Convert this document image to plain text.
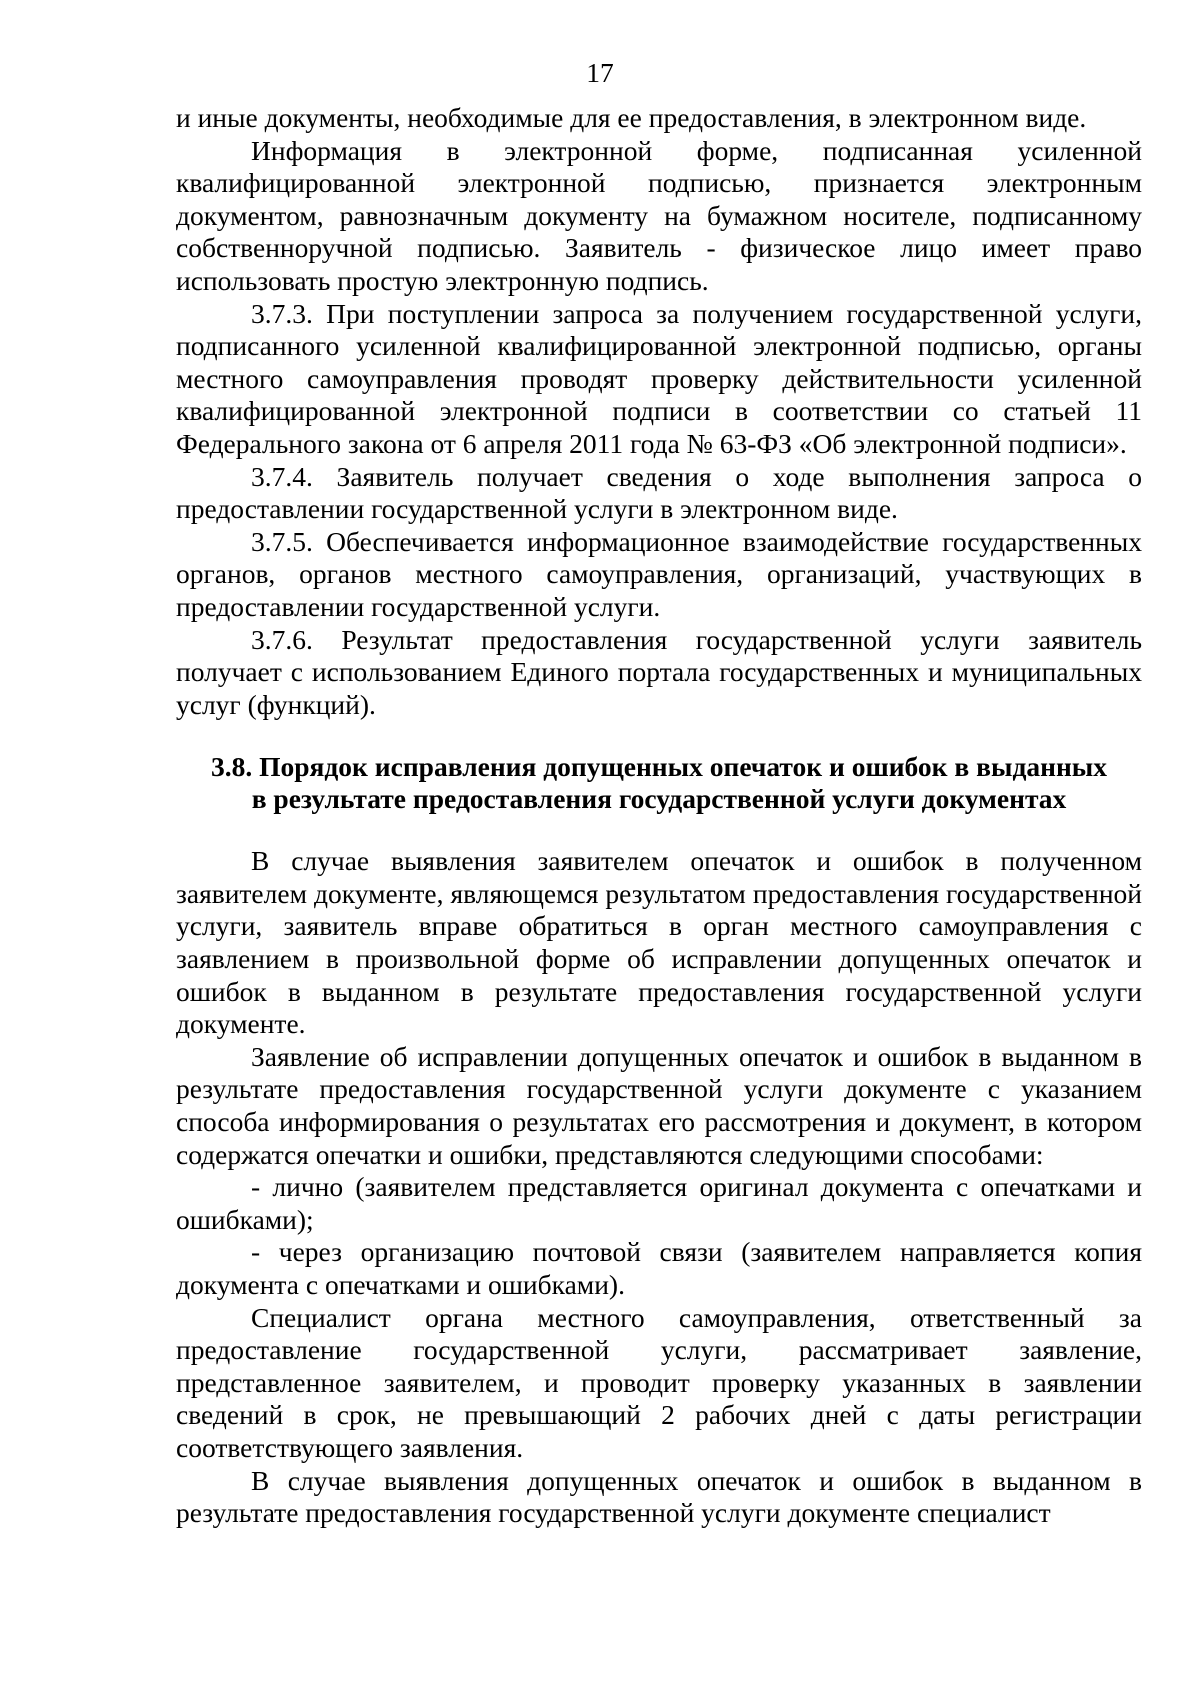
17

и иные документы, необходимые для ее предоставления, в электронном виде.

Информация в электронной форме, подписанная усиленной квалифицированной электронной подписью, признается электронным документом, равнозначным документу на бумажном носителе, подписанному собственноручной подписью. Заявитель - физическое лицо имеет право использовать простую электронную подпись.

3.7.3. При поступлении запроса за получением государственной услуги, подписанного усиленной квалифицированной электронной подписью, органы местного самоуправления проводят проверку действительности усиленной квалифицированной электронной подписи в соответствии со статьей 11 Федерального закона от 6 апреля 2011 года № 63-ФЗ «Об электронной подписи».

3.7.4. Заявитель получает сведения о ходе выполнения запроса о предоставлении государственной услуги в электронном виде.

3.7.5. Обеспечивается информационное взаимодействие государственных органов, органов местного самоуправления, организаций, участвующих в предоставлении государственной услуги.

3.7.6. Результат предоставления государственной услуги заявитель получает с использованием Единого портала государственных и муниципальных услуг (функций).

3.8. Порядок исправления допущенных опечаток и ошибок в выданных
в результате предоставления государственной услуги документах

В случае выявления заявителем опечаток и ошибок в полученном заявителем документе, являющемся результатом предоставления государственной услуги, заявитель вправе обратиться в орган местного самоуправления с заявлением в произвольной форме об исправлении допущенных опечаток и ошибок в выданном в результате предоставления государственной услуги документе.

Заявление об исправлении допущенных опечаток и ошибок в выданном в результате предоставления государственной услуги документе с указанием способа информирования о результатах его рассмотрения и документ, в котором содержатся опечатки и ошибки, представляются следующими способами:

- лично (заявителем представляется оригинал документа с опечатками и ошибками);

- через организацию почтовой связи (заявителем направляется копия документа с опечатками и ошибками).

Специалист органа местного самоуправления, ответственный за предоставление государственной услуги, рассматривает заявление, представленное заявителем, и проводит проверку указанных в заявлении сведений в срок, не превышающий 2 рабочих дней с даты регистрации соответствующего заявления.

В случае выявления допущенных опечаток и ошибок в выданном в результате предоставления государственной услуги документе специалист
